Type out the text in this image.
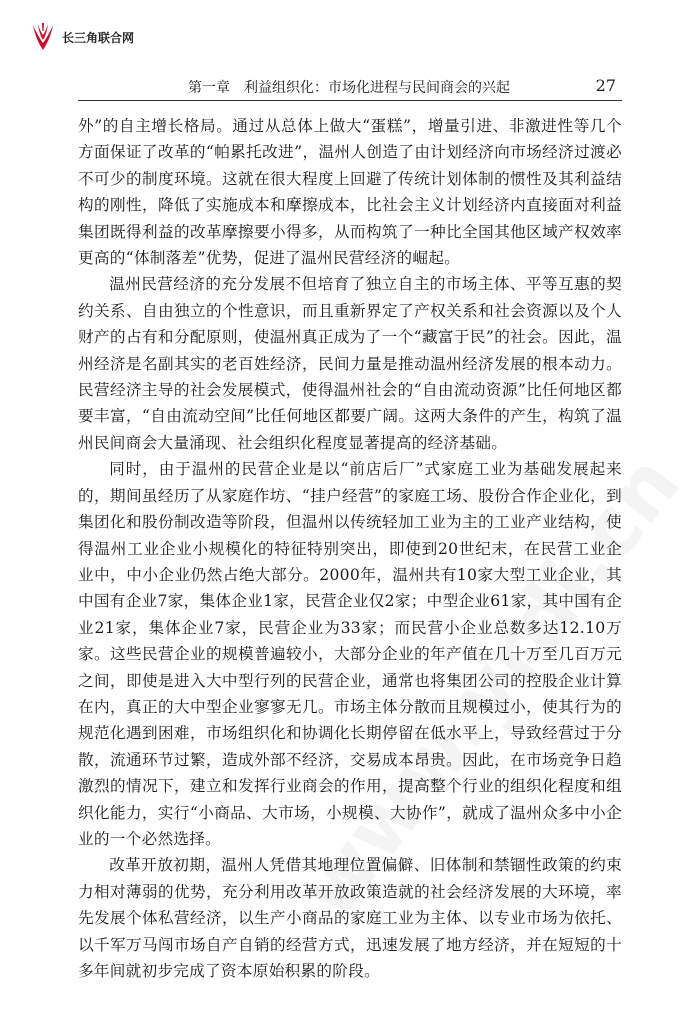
长三角联合网
第一章　利益组织化：市场化进程与民间商会的兴起	27

外”的自主增长格局。通过从总体上做大“蛋糕”，增量引进、非激进性等几个方面保证了改革的“帕累托改进”，温州人创造了由计划经济向市场经济过渡必不可少的制度环境。这就在很大程度上回避了传统计划体制的惯性及其利益结构的刚性，降低了实施成本和摩擦成本，比社会主义计划经济内直接面对利益集团既得利益的改革摩擦要小得多，从而构筑了一种比全国其他区域产权效率更高的“体制落差”优势，促进了温州民营经济的崛起。

温州民营经济的充分发展不但培育了独立自主的市场主体、平等互惠的契约关系、自由独立的个性意识，而且重新界定了产权关系和社会资源以及个人财产的占有和分配原则，使温州真正成为了一个“藏富于民”的社会。因此，温州经济是名副其实的老百姓经济，民间力量是推动温州经济发展的根本动力。民营经济主导的社会发展模式，使得温州社会的“自由流动资源”比任何地区都要丰富，“自由流动空间”比任何地区都要广阔。这两大条件的产生，构筑了温州民间商会大量涌现、社会组织化程度显著提高的经济基础。

同时，由于温州的民营企业是以“前店后厂”式家庭工业为基础发展起来的，期间虽经历了从家庭作坊、“挂户经营”的家庭工场、股份合作企业化，到集团化和股份制改造等阶段，但温州以传统轻加工业为主的工业产业结构，使得温州工业企业小规模化的特征特别突出，即使到20世纪末，在民营工业企业中，中小企业仍然占绝大部分。2000年，温州共有10家大型工业企业，其中国有企业7家，集体企业1家，民营企业仅2家；中型企业61家，其中国有企业21家，集体企业7家，民营企业为33家；而民营小企业总数多达12.10万家。这些民营企业的规模普遍较小，大部分企业的年产值在几十万至几百万元之间，即使是进入大中型行列的民营企业，通常也将集团公司的控股企业计算在内，真正的大中型企业寥寥无几。市场主体分散而且规模过小，使其行为的规范化遇到困难，市场组织化和协调化长期停留在低水平上，导致经营过于分散，流通环节过繁，造成外部不经济，交易成本昂贵。因此，在市场竞争日趋激烈的情况下，建立和发挥行业商会的作用，提高整个行业的组织化程度和组织化能力，实行“小商品、大市场，小规模、大协作”，就成了温州众多中小企业的一个必然选择。

改革开放初期，温州人凭借其地理位置偏僻、旧体制和禁锢性政策的约束力相对薄弱的优势，充分利用改革开放政策造就的社会经济发展的大环境，率先发展个体私营经济，以生产小商品的家庭工业为主体、以专业市场为依托、以千军万马闯市场自产自销的经营方式，迅速发展了地方经济，并在短短的十多年间就初步完成了资本原始积累的阶段。
